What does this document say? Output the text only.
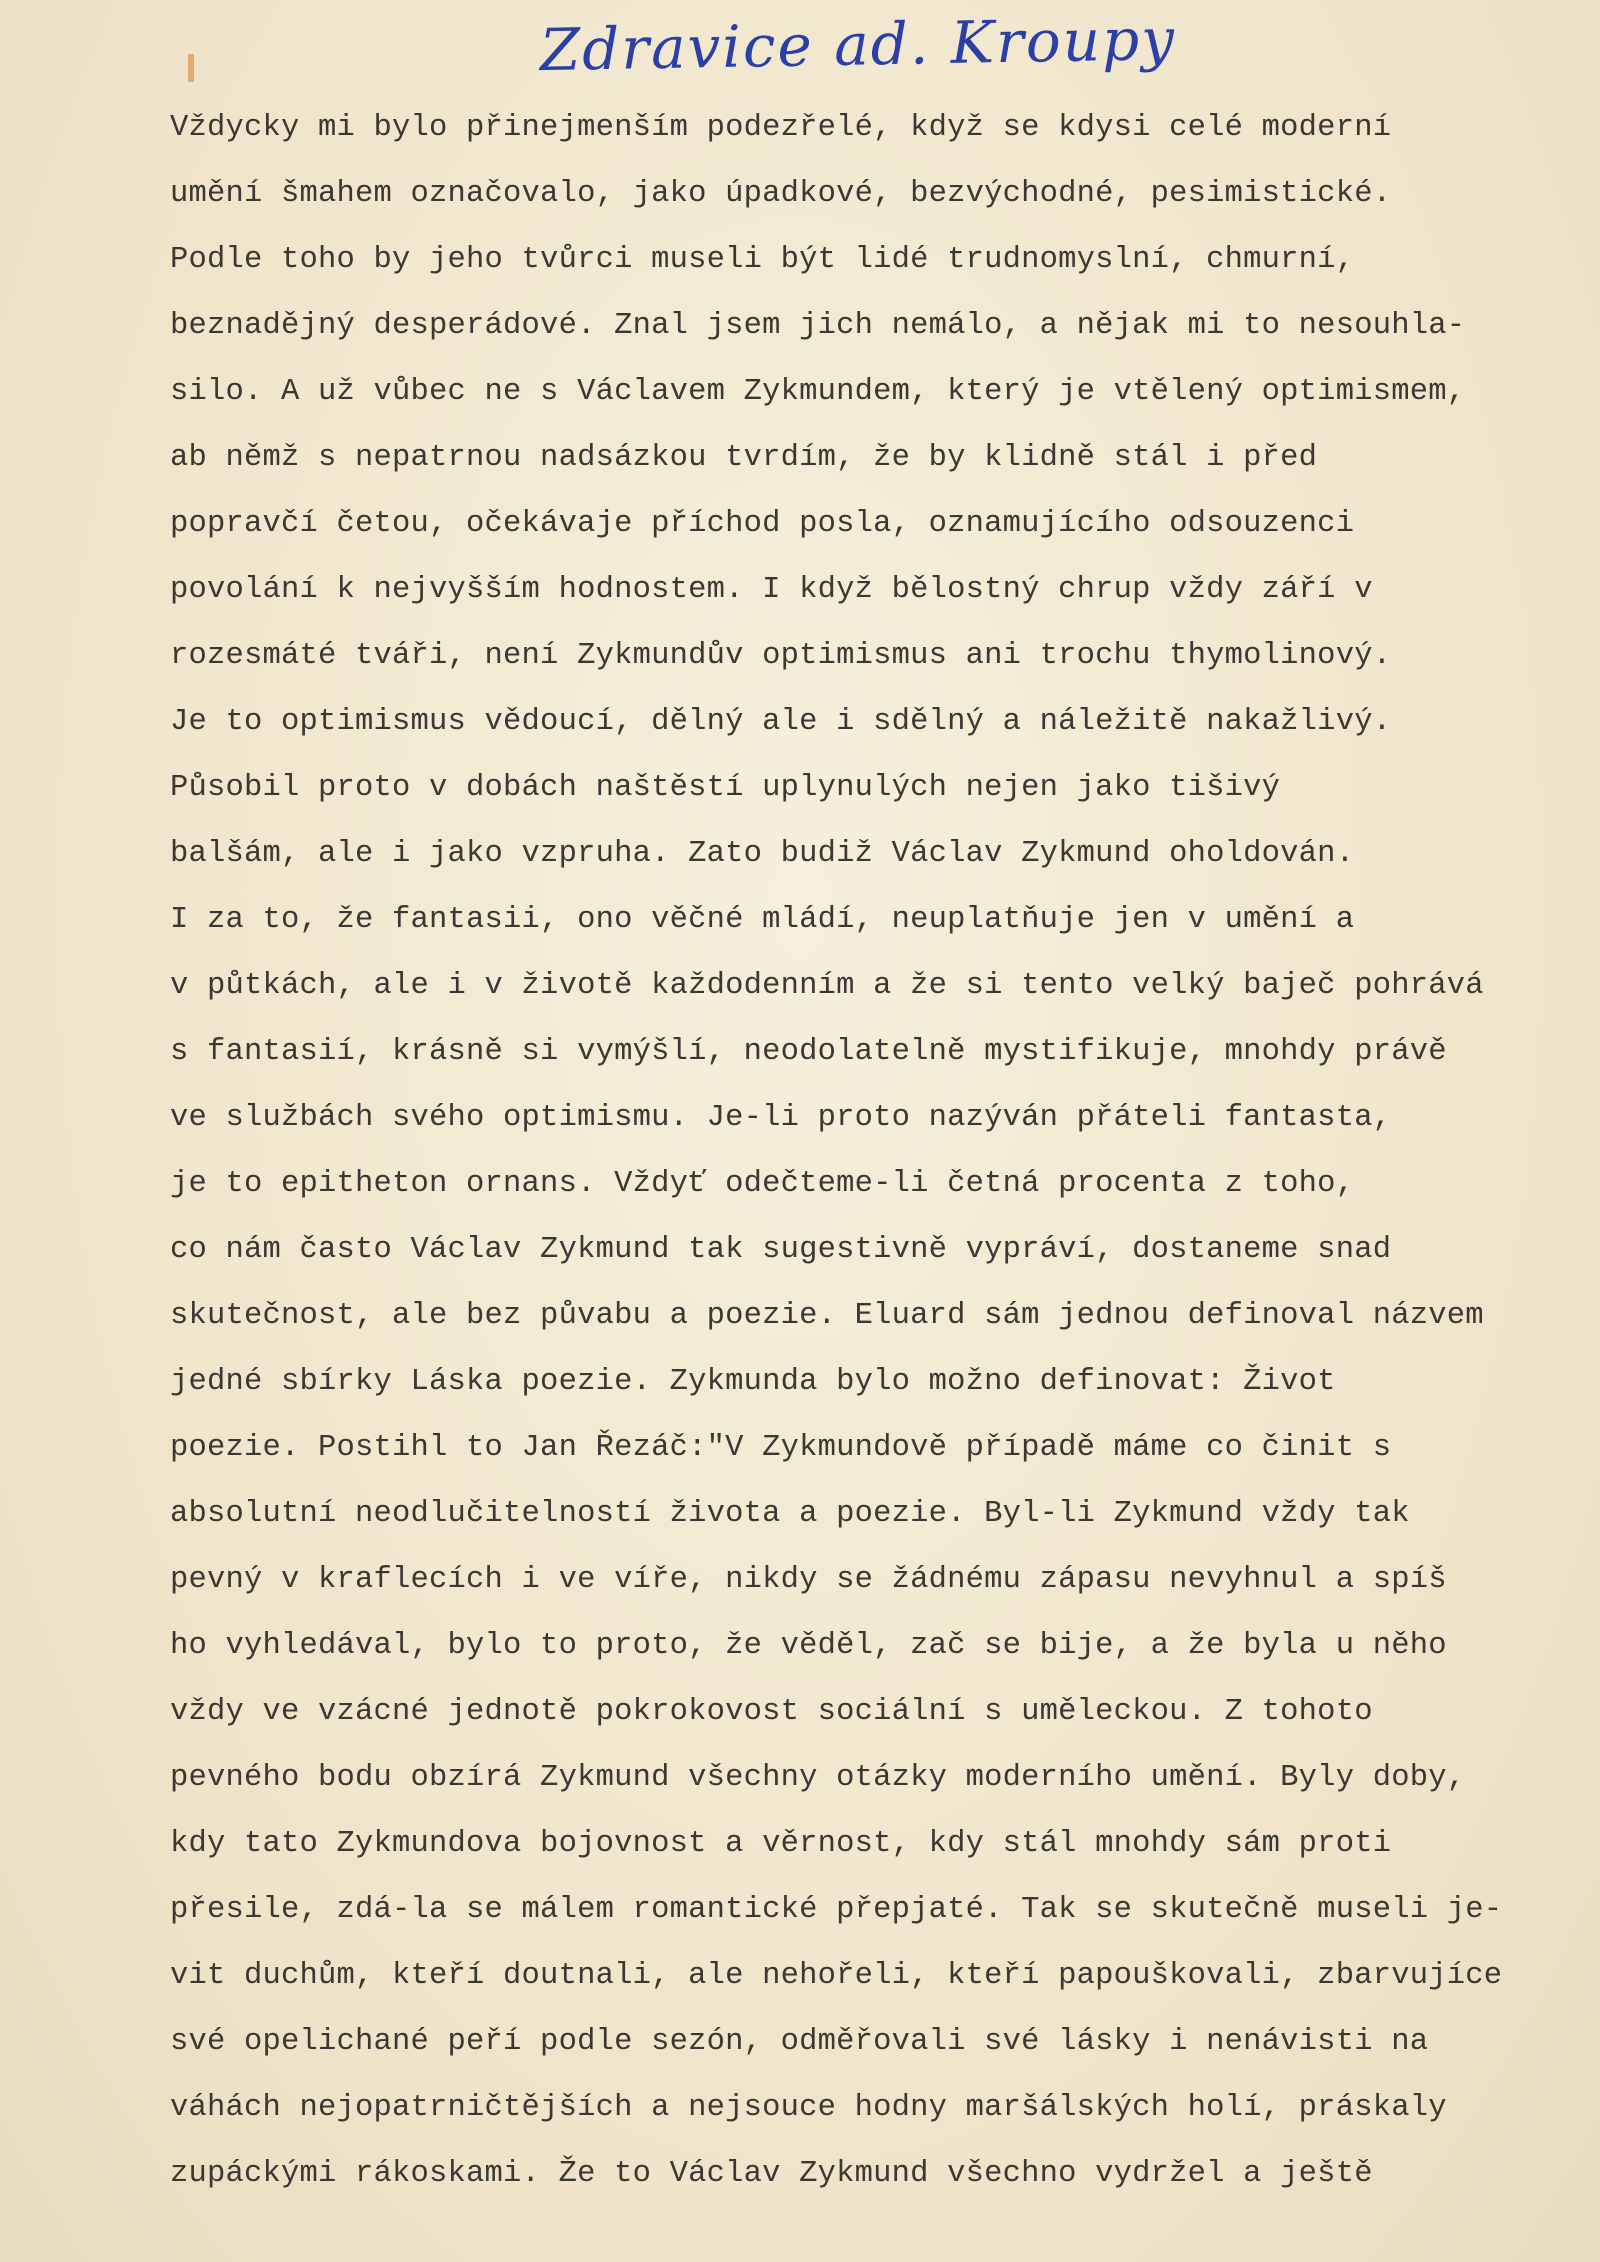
Zdravice ad. Kroupy
Vždycky mi bylo přinejmenším podezřelé, když se kdysi celé moderní
umění šmahem označovalo, jako úpadkové, bezvýchodné, pesimistické.
Podle toho by jeho tvůrci museli být lidé trudnomyslní, chmurní,
beznadějný desperádové. Znal jsem jich nemálo, a nějak mi to nesouhla-
silo. A už vůbec ne s Václavem Zykmundem, který je vtělený optimismem,
ab němž s nepatrnou nadsázkou tvrdím, že by klidně stál i před
popravčí četou, očekávaje příchod posla, oznamujícího odsouzenci
povolání k nejvyšším hodnostem. I když bělostný chrup vždy září v
rozesmáté tváři, není Zykmundův optimismus ani trochu thymolinový.
Je to optimismus vědoucí, dělný ale i sdělný a náležitě nakažlivý.
Působil proto v dobách naštěstí uplynulých nejen jako tišivý
balšám, ale i jako vzpruha. Zato budiž Václav Zykmund oholdován.
I za to, že fantasii, ono věčné mládí, neuplatňuje jen v umění a
v půtkách, ale i v životě každodenním a že si tento velký baječ pohrává
s fantasií, krásně si vymýšlí, neodolatelně mystifikuje, mnohdy právě
ve službách svého optimismu. Je-li proto nazýván přáteli fantasta,
je to epitheton ornans. Vždyť odečteme-li četná procenta z toho,
co nám často Václav Zykmund tak sugestivně vypráví, dostaneme snad
skutečnost, ale bez půvabu a poezie. Eluard sám jednou definoval názvem
jedné sbírky Láska poezie. Zykmunda bylo možno definovat: Život
poezie. Postihl to Jan Řezáč:"V Zykmundově případě máme co činit s
absolutní neodlučitelností života a poezie. Byl-li Zykmund vždy tak
pevný v kraflecích i ve víře, nikdy se žádnému zápasu nevyhnul a spíš
ho vyhledával, bylo to proto, že věděl, zač se bije, a že byla u něho
vždy ve vzácné jednotě pokrokovost sociální s uměleckou. Z tohoto
pevného bodu obzírá Zykmund všechny otázky moderního umění. Byly doby,
kdy tato Zykmundova bojovnost a věrnost, kdy stál mnohdy sám proti
přesile, zdá-la se málem romantické přepjaté. Tak se skutečně museli je-
vit duchům, kteří doutnali, ale nehořeli, kteří papouškovali, zbarvujíce
své opelichané peří podle sezón, odměřovali své lásky i nenávisti na
váhách nejopatrničtějších a nejsouce hodny maršálských holí, práskaly
zupáckými rákoskami. Že to Václav Zykmund všechno vydržel a ještě
